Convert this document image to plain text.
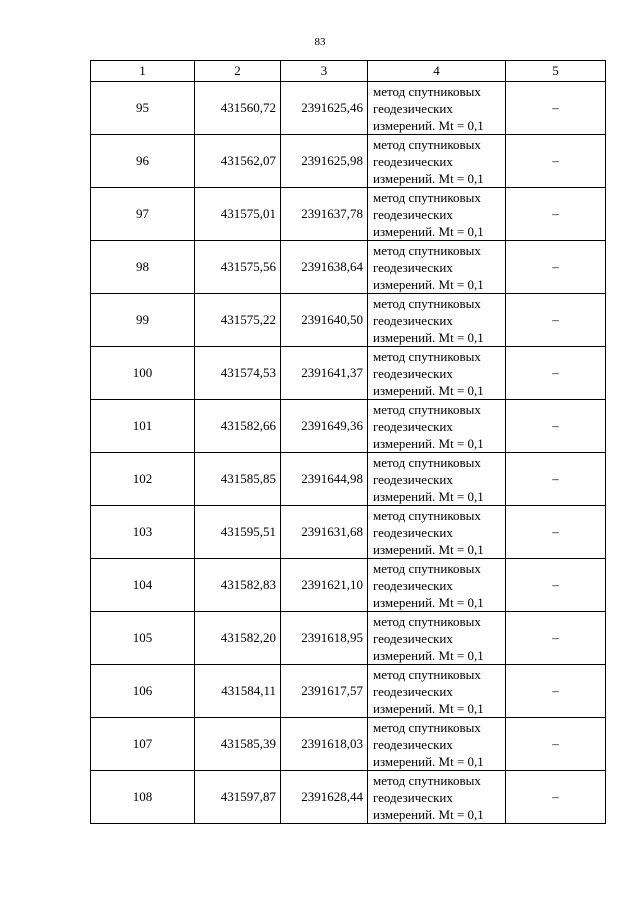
83
1	2	3	4	5
95	431560,72	2391625,46	метод спутниковых
геодезических
измерений. Mt = 0,1	–
96	431562,07	2391625,98	метод спутниковых
геодезических
измерений. Mt = 0,1	–
97	431575,01	2391637,78	метод спутниковых
геодезических
измерений. Mt = 0,1	–
98	431575,56	2391638,64	метод спутниковых
геодезических
измерений. Mt = 0,1	–
99	431575,22	2391640,50	метод спутниковых
геодезических
измерений. Mt = 0,1	–
100	431574,53	2391641,37	метод спутниковых
геодезических
измерений. Mt = 0,1	–
101	431582,66	2391649,36	метод спутниковых
геодезических
измерений. Mt = 0,1	–
102	431585,85	2391644,98	метод спутниковых
геодезических
измерений. Mt = 0,1	–
103	431595,51	2391631,68	метод спутниковых
геодезических
измерений. Mt = 0,1	–
104	431582,83	2391621,10	метод спутниковых
геодезических
измерений. Mt = 0,1	–
105	431582,20	2391618,95	метод спутниковых
геодезических
измерений. Mt = 0,1	–
106	431584,11	2391617,57	метод спутниковых
геодезических
измерений. Mt = 0,1	–
107	431585,39	2391618,03	метод спутниковых
геодезических
измерений. Mt = 0,1	–
108	431597,87	2391628,44	метод спутниковых
геодезических
измерений. Mt = 0,1	–
